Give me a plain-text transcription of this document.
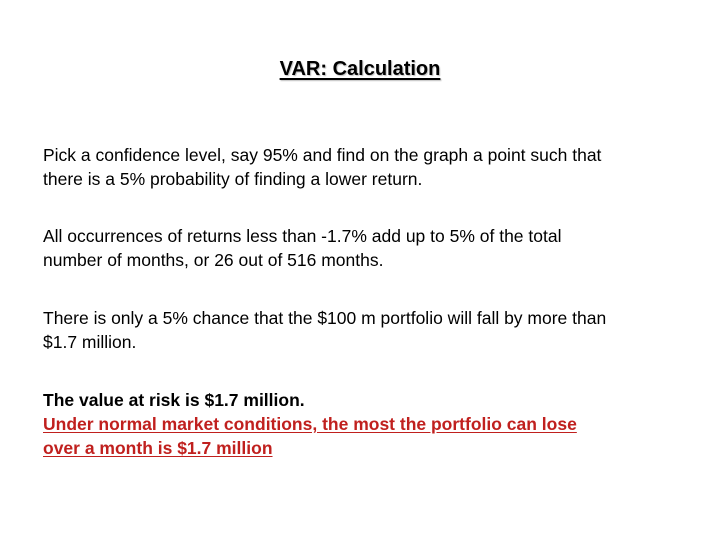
VAR: Calculation
Pick a confidence level, say 95% and find on the graph a point such that
there is a 5% probability of finding a lower return.
All occurrences of returns less than -1.7% add up to 5% of the total
number of months, or 26 out of 516 months.
There is only a 5% chance that the $100 m portfolio will fall by more than
$1.7 million.
The value at risk is $1.7 million.
Under normal market conditions, the most the portfolio can lose
over a month is $1.7 million
